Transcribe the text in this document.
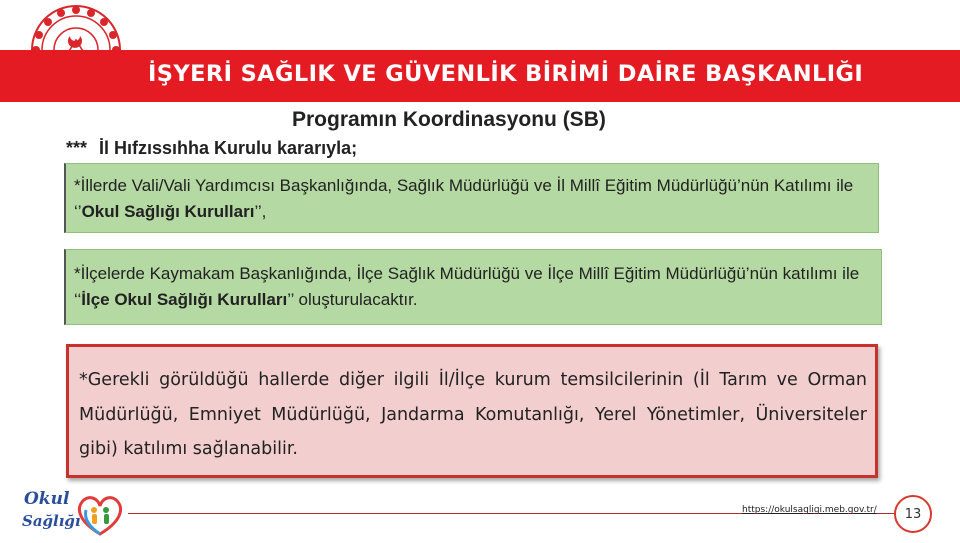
İŞYERİ SAĞLIK VE GÜVENLİK BİRİMİ DAİRE BAŞKANLIĞI
Programın Koordinasyonu (SB)
*** İl Hıfzıssıhha Kurulu kararıyla;
*İllerde Vali/Vali Yardımcısı Başkanlığında, Sağlık Müdürlüğü ve İl Millî Eğitim Müdürlüğü’nün Katılımı ile ‘’Okul Sağlığı Kurulları’’,
*İlçelerde Kaymakam Başkanlığında, İlçe Sağlık Müdürlüğü ve İlçe Millî Eğitim Müdürlüğü’nün katılımı ile ‘‘İlçe Okul Sağlığı Kurulları’’ oluşturulacaktır.
*Gerekli görüldüğü hallerde diğer ilgili İl/İlçe kurum temsilcilerinin (İl Tarım ve Orman Müdürlüğü, Emniyet Müdürlüğü, Jandarma Komutanlığı, Yerel Yönetimler, Üniversiteler gibi) katılımı sağlanabilir.
Okul
Sağlığı
https://okulsagligi.meb.gov.tr/	13
